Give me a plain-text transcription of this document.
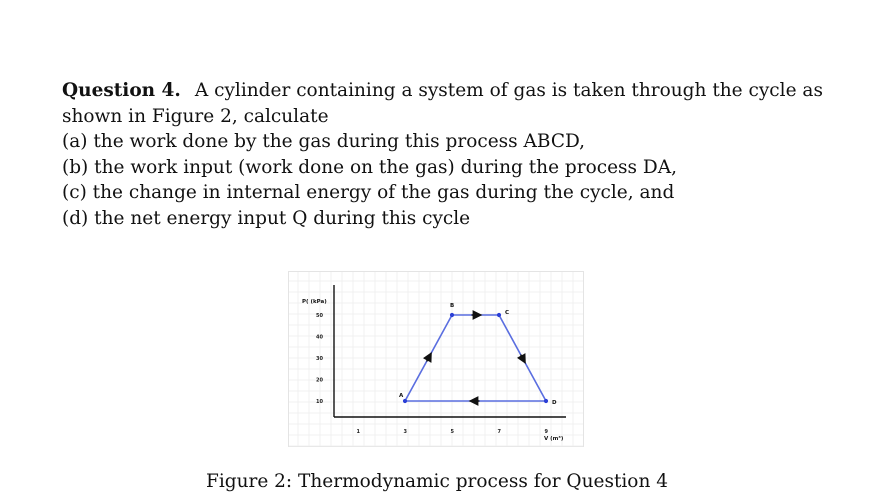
Question 4. A cylinder containing a system of gas is taken through the cycle as
shown in Figure 2, calculate
(a) the work done by the gas during this process ABCD,
(b) the work input (work done on the gas) during the process DA,
(c) the change in internal energy of the gas during the cycle, and
(d) the net energy input Q during this cycle
50
40
30
20
10
1	3	5	7	9
A
B
C
D
P( (kPa)
V (m³)
Figure 2: Thermodynamic process for Question 4
